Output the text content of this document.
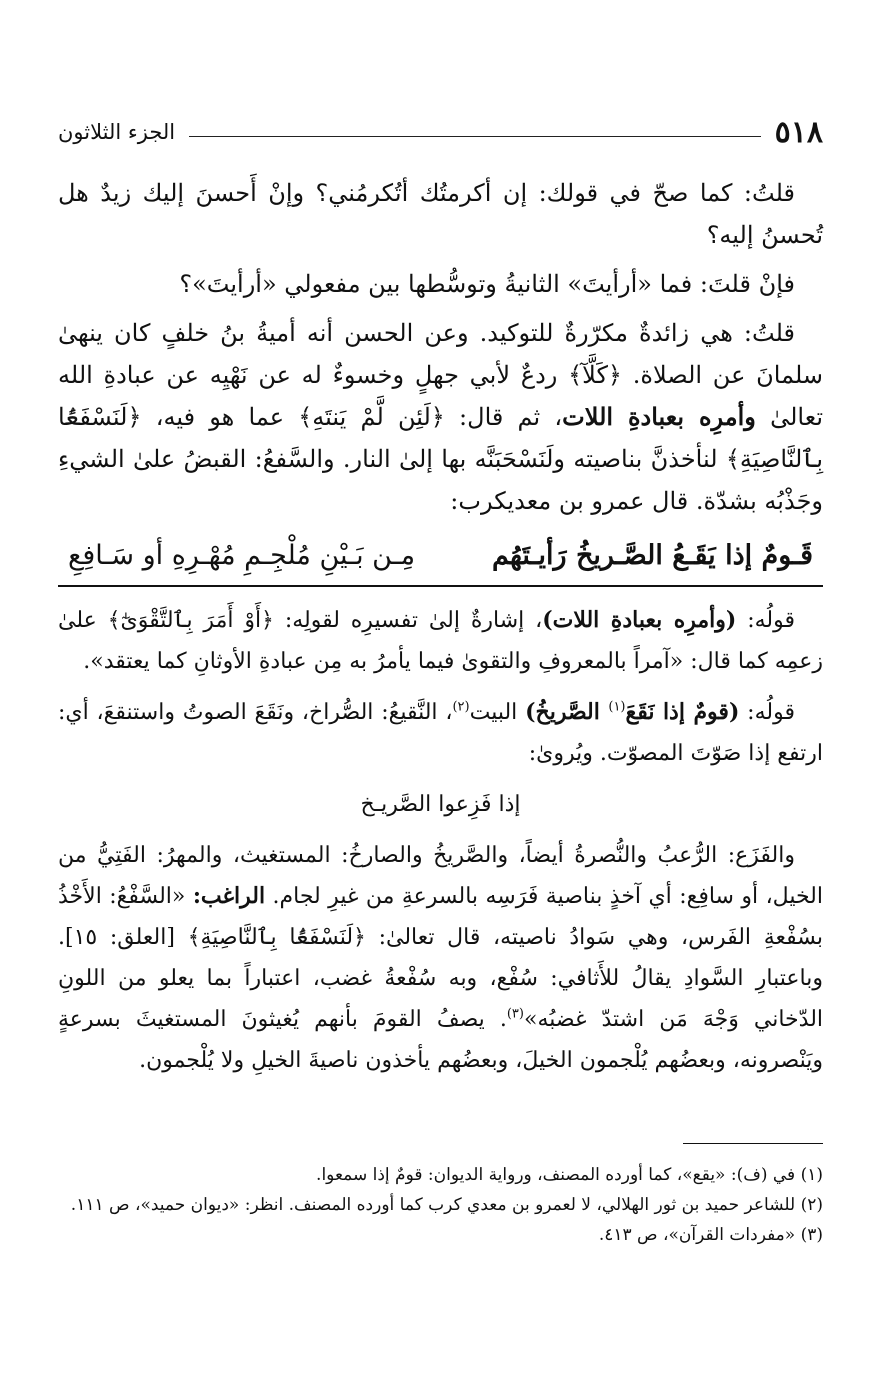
٥١٨
الجزء الثلاثون

قلتُ: كما صحّ في قولك: إن أكرمتُك أتُكرمُني؟ وإنْ أَحسنَ إليك زيدٌ هل تُحسنُ إليه؟

فإنْ قلتَ: فما «أرأيتَ» الثانيةُ وتوسُّطها بين مفعولي «أرأيتَ»؟

قلتُ: هي زائدةٌ مكرّرةٌ للتوكيد. وعن الحسن أنه أميةُ بنُ خلفٍ كان ينهىٰ سلمانَ عن الصلاة. ﴿كَلَّآ﴾ ردعٌ لأبي جهلٍ وخسوءٌ له عن نَهْيِه عن عبادةِ الله تعالىٰ وأمرِه بعبادةِ اللات، ثم قال: ﴿لَئِن لَّمْ يَنتَهِ﴾ عما هو فيه، ﴿لَنَسْفَعًۢا بِٱلنَّاصِيَةِ﴾ لنأخذنَّ بناصيته ولَنَسْحَبَنَّه بها إلىٰ النار. والسَّفعُ: القبضُ علىٰ الشيءِ وجَذْبُه بشدّة. قال عمرو بن معديكرب:

قَـومٌ إذا يَقَـعُ الصَّـريخُ رَأيـتَهُم
مِـن بَـيْنِ مُلْجِـمِ مُهْـرِهِ أو سَـافِعِ

قولُه: (وأمرِه بعبادةِ اللات)، إشارةٌ إلىٰ تفسيرِه لقولِه: ﴿أَوْ أَمَرَ بِٱلتَّقْوَىٰٓ﴾ علىٰ زعمِه كما قال: «آمراً بالمعروفِ والتقوىٰ فيما يأمرُ به مِن عبادةِ الأوثانِ كما يعتقد».

قولُه: (قومٌ إذا نَقَعَ$^{(١)}$ الصَّريخُ) البيت$^{(٢)}$، النَّقيعُ: الصُّراخ، ونَقَعَ الصوتُ واستنقعَ، أي: ارتفع إذا صَوّتَ المصوّت. ويُروىٰ:

إذا فَزِعوا الصَّريـخ

والفَزَع: الرُّعبُ والنُّصرةُ أيضاً، والصَّريخُ والصارخُ: المستغيث، والمهرُ: الفَتِيُّ من الخيل، أو سافِع: أي آخذٍ بناصية فَرَسِه بالسرعةِ من غيرِ لجام. الراغب: «السَّفْعُ: الأَخْذُ بسُفْعةِ الفَرس، وهي سَوادُ ناصيته، قال تعالىٰ: ﴿لَنَسْفَعًۢا بِٱلنَّاصِيَةِ﴾ [العلق: ١٥]. وباعتبارِ السَّوادِ يقالُ للأَثافي: سُفْع، وبه سُفْعةُ غضب، اعتباراً بما يعلو من اللونِ الدّخاني وَجْهَ مَن اشتدّ غضبُه»$^{(٣)}$. يصفُ القومَ بأنهم يُغيثونَ المستغيثَ بسرعةٍ ويَنْصرونه، وبعضُهم يُلْجمون الخيلَ، وبعضُهم يأخذون ناصيةَ الخيلِ ولا يُلْجمون.

(١) في (ف): «يقع»، كما أورده المصنف، ورواية الديوان: قومٌ إذا سمعوا.

(٢) للشاعر حميد بن ثور الهلالي، لا لعمرو بن معدي كرب كما أورده المصنف. انظر: «ديوان حميد»، ص ١١١.

(٣) «مفردات القرآن»، ص ٤١٣.
